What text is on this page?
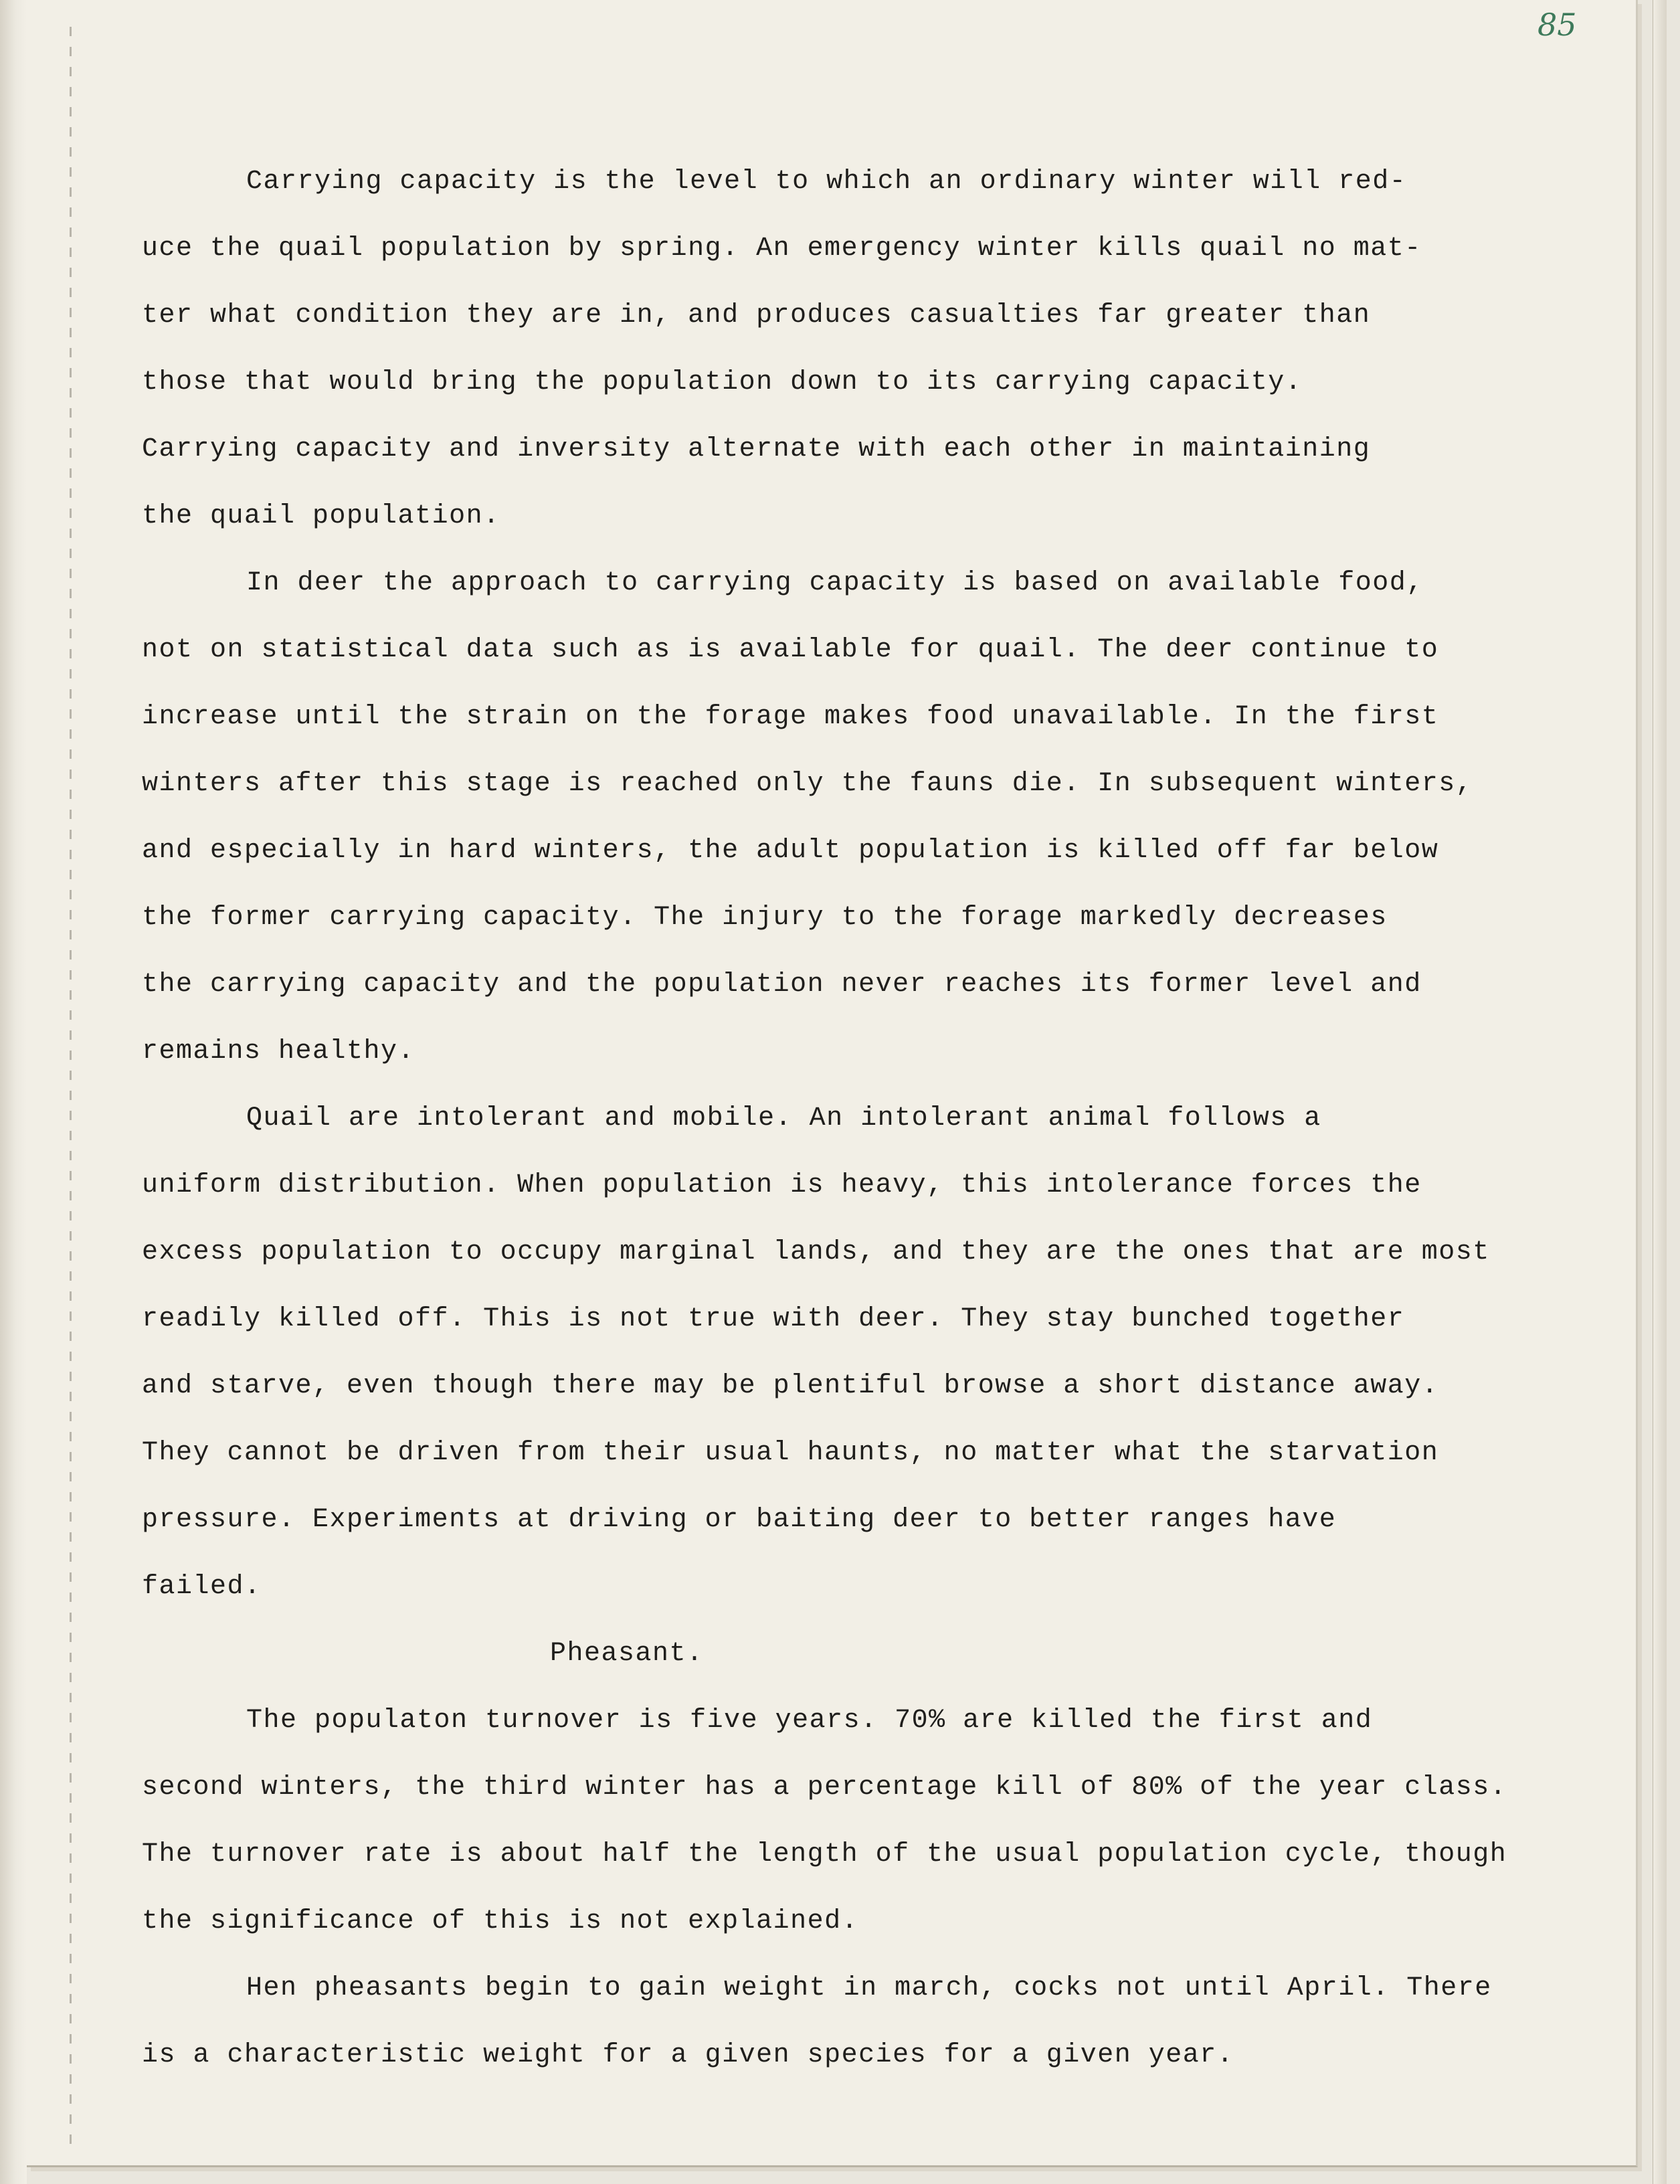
85

Carrying capacity is the level to which an ordinary winter will red-
uce the quail population by spring. An emergency winter kills quail no mat-
ter what condition they are in, and produces casualties far greater than
those that would bring the population down to its carrying capacity.
Carrying capacity and inversity alternate with each other in maintaining
the quail population.

In deer the approach to carrying capacity is based on available food,
not on statistical data such as is available for quail. The deer continue to
increase until the strain on the forage makes food unavailable. In the first
winters after this stage is reached only the fauns die. In subsequent winters,
and especially in hard winters, the adult population is killed off far below
the former carrying capacity. The injury to the forage markedly decreases
the carrying capacity and the population never reaches its former level and
remains healthy.

Quail are intolerant and mobile. An intolerant animal follows a
uniform distribution. When population is heavy, this intolerance forces the
excess population to occupy marginal lands, and they are the ones that are most
readily killed off. This is not true with deer. They stay bunched together
and starve, even though there may be plentiful browse a short distance away.
They cannot be driven from their usual haunts, no matter what the starvation
pressure. Experiments at driving or baiting deer to better ranges have
failed.

Pheasant.

The populaton turnover is five years. 70% are killed the first and
second winters, the third winter has a percentage kill of 80% of the year class.
The turnover rate is about half the length of the usual population cycle, though
the significance of this is not explained.

Hen pheasants begin to gain weight in march, cocks not until April. There
is a characteristic weight for a given species for a given year.
